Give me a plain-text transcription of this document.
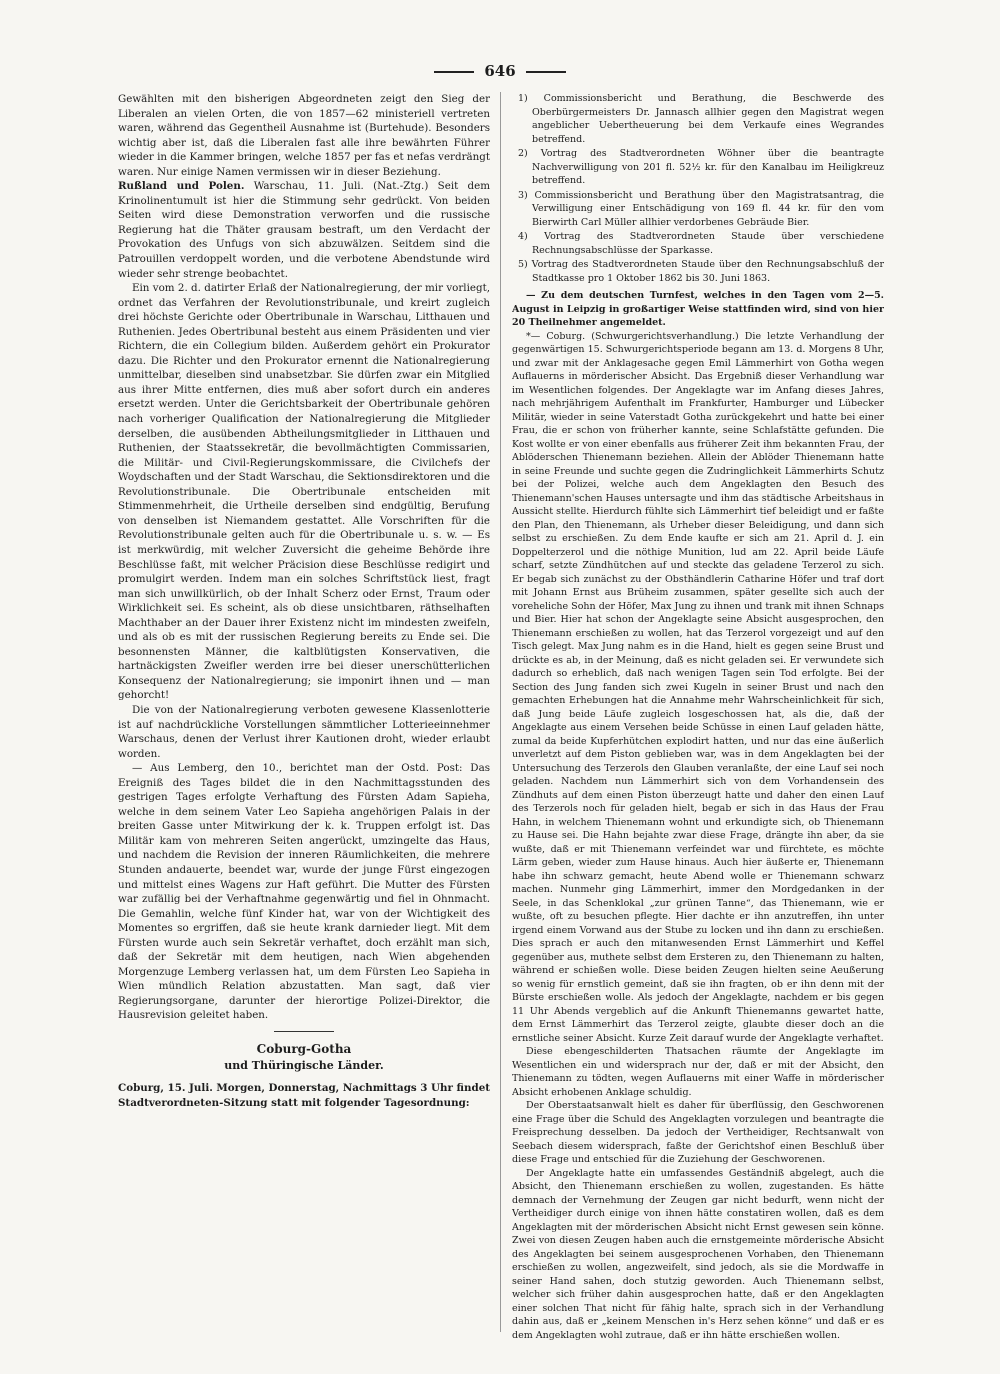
646

Gewählten mit den bisherigen Abgeordneten zeigt den Sieg der Liberalen an vielen Orten, die von 1857—62 ministeriell vertreten waren, während das Gegentheil Ausnahme ist (Burtehude). Besonders wichtig aber ist, daß die Liberalen fast alle ihre bewährten Führer wieder in die Kammer bringen, welche 1857 per fas et nefas verdrängt waren. Nur einige Namen vermissen wir in dieser Beziehung.

Rußland und Polen. Warschau, 11. Juli. (Nat.-Ztg.) Seit dem Krinolinentumult ist hier die Stimmung sehr gedrückt. Von beiden Seiten wird diese Demonstration verworfen und die russische Regierung hat die Thäter grausam bestraft, um den Verdacht der Provokation des Unfugs von sich abzuwälzen. Seitdem sind die Patrouillen verdoppelt worden, und die verbotene Abendstunde wird wieder sehr strenge beobachtet.

Ein vom 2. d. datirter Erlaß der Nationalregierung, der mir vorliegt, ordnet das Verfahren der Revolutionstribunale, und kreirt zugleich drei höchste Gerichte oder Obertribunale in Warschau, Litthauen und Ruthenien. Jedes Obertribunal besteht aus einem Präsidenten und vier Richtern, die ein Collegium bilden. Außerdem gehört ein Prokurator dazu. Die Richter und den Prokurator ernennt die Nationalregierung unmittelbar, dieselben sind unabsetzbar. Sie dürfen zwar ein Mitglied aus ihrer Mitte entfernen, dies muß aber sofort durch ein anderes ersetzt werden. Unter die Gerichtsbarkeit der Obertribunale gehören nach vorheriger Qualification der Nationalregierung die Mitglieder derselben, die ausübenden Abtheilungsmitglieder in Litthauen und Ruthenien, der Staatssekretär, die bevollmächtigten Commissarien, die Militär- und Civil-Regierungskommissare, die Civilchefs der Woydschaften und der Stadt Warschau, die Sektionsdirektoren und die Revolutionstribunale. Die Obertribunale entscheiden mit Stimmenmehrheit, die Urtheile derselben sind endgültig, Berufung von denselben ist Niemandem gestattet. Alle Vorschriften für die Revolutionstribunale gelten auch für die Obertribunale u. s. w. — Es ist merkwürdig, mit welcher Zuversicht die geheime Behörde ihre Beschlüsse faßt, mit welcher Präcision diese Beschlüsse redigirt und promulgirt werden. Indem man ein solches Schriftstück liest, fragt man sich unwillkürlich, ob der Inhalt Scherz oder Ernst, Traum oder Wirklichkeit sei. Es scheint, als ob diese unsichtbaren, räthselhaften Machthaber an der Dauer ihrer Existenz nicht im mindesten zweifeln, und als ob es mit der russischen Regierung bereits zu Ende sei. Die besonnensten Männer, die kaltblütigsten Konservativen, die hartnäckigsten Zweifler werden irre bei dieser unerschütterlichen Konsequenz der Nationalregierung; sie imponirt ihnen und — man gehorcht!

Die von der Nationalregierung verboten gewesene Klassenlotterie ist auf nachdrückliche Vorstellungen sämmtlicher Lotterieeinnehmer Warschaus, denen der Verlust ihrer Kautionen droht, wieder erlaubt worden.

— Aus Lemberg, den 10., berichtet man der Ostd. Post: Das Ereigniß des Tages bildet die in den Nachmittagsstunden des gestrigen Tages erfolgte Verhaftung des Fürsten Adam Sapieha, welche in dem seinem Vater Leo Sapieha angehörigen Palais in der breiten Gasse unter Mitwirkung der k. k. Truppen erfolgt ist. Das Militär kam von mehreren Seiten angerückt, umzingelte das Haus, und nachdem die Revision der inneren Räumlichkeiten, die mehrere Stunden andauerte, beendet war, wurde der junge Fürst eingezogen und mittelst eines Wagens zur Haft geführt. Die Mutter des Fürsten war zufällig bei der Verhaftnahme gegenwärtig und fiel in Ohnmacht. Die Gemahlin, welche fünf Kinder hat, war von der Wichtigkeit des Momentes so ergriffen, daß sie heute krank darnieder liegt. Mit dem Fürsten wurde auch sein Sekretär verhaftet, doch erzählt man sich, daß der Sekretär mit dem heutigen, nach Wien abgehenden Morgenzuge Lemberg verlassen hat, um dem Fürsten Leo Sapieha in Wien mündlich Relation abzustatten. Man sagt, daß vier Regierungsorgane, darunter der hierortige Polizei-Direktor, die Hausrevision geleitet haben.

Coburg-Gotha
und Thüringische Länder.

Coburg, 15. Juli. Morgen, Donnerstag, Nachmittags 3 Uhr findet Stadtverordneten-Sitzung statt mit folgender Tagesordnung:

1) Commissionsbericht und Berathung, die Beschwerde des Oberbürgermeisters Dr. Jannasch allhier gegen den Magistrat wegen angeblicher Uebertheuerung bei dem Verkaufe eines Wegrandes betreffend.
2) Vortrag des Stadtverordneten Wöhner über die beantragte Nachverwilligung von 201 fl. 52½ kr. für den Kanalbau im Heiligkreuz betreffend.
3) Commissionsbericht und Berathung über den Magistratsantrag, die Verwilligung einer Entschädigung von 169 fl. 44 kr. für den vom Bierwirth Carl Müller allhier verdorbenes Gebräude Bier.
4) Vortrag des Stadtverordneten Staude über verschiedene Rechnungsabschlüsse der Sparkasse.
5) Vortrag des Stadtverordneten Staude über den Rechnungsabschluß der Stadtkasse pro 1 Oktober 1862 bis 30. Juni 1863.

— Zu dem deutschen Turnfest, welches in den Tagen vom 2—5. August in Leipzig in großartiger Weise stattfinden wird, sind von hier 20 Theilnehmer angemeldet.

*— Coburg. (Schwurgerichtsverhandlung.) Die letzte Verhandlung der gegenwärtigen 15. Schwurgerichtsperiode begann am 13. d. Morgens 8 Uhr, und zwar mit der Anklagesache gegen Emil Lämmerhirt von Gotha wegen Auflauerns in mörderischer Absicht. Das Ergebniß dieser Verhandlung war im Wesentlichen folgendes. Der Angeklagte war im Anfang dieses Jahres, nach mehrjährigem Aufenthalt im Frankfurter, Hamburger und Lübecker Militär, wieder in seine Vaterstadt Gotha zurückgekehrt und hatte bei einer Frau, die er schon von früherher kannte, seine Schlafstätte gefunden. Die Kost wollte er von einer ebenfalls aus früherer Zeit ihm bekannten Frau, der Ablöderschen Thienemann beziehen. Allein der Ablöder Thienemann hatte in seine Freunde und suchte gegen die Zudringlichkeit Lämmerhirts Schutz bei der Polizei, welche auch dem Angeklagten den Besuch des Thienemann'schen Hauses untersagte und ihm das städtische Arbeitshaus in Aussicht stellte. Hierdurch fühlte sich Lämmerhirt tief beleidigt und er faßte den Plan, den Thienemann, als Urheber dieser Beleidigung, und dann sich selbst zu erschießen. Zu dem Ende kaufte er sich am 21. April d. J. ein Doppelterzerol und die nöthige Munition, lud am 22. April beide Läufe scharf, setzte Zündhütchen auf und steckte das geladene Terzerol zu sich. Er begab sich zunächst zu der Obsthändlerin Catharine Höfer und traf dort mit Johann Ernst aus Brüheim zusammen, später gesellte sich auch der voreheliche Sohn der Höfer, Max Jung zu ihnen und trank mit ihnen Schnaps und Bier. Hier hat schon der Angeklagte seine Absicht ausgesprochen, den Thienemann erschießen zu wollen, hat das Terzerol vorgezeigt und auf den Tisch gelegt. Max Jung nahm es in die Hand, hielt es gegen seine Brust und drückte es ab, in der Meinung, daß es nicht geladen sei. Er verwundete sich dadurch so erheblich, daß nach wenigen Tagen sein Tod erfolgte. Bei der Section des Jung fanden sich zwei Kugeln in seiner Brust und nach den gemachten Erhebungen hat die Annahme mehr Wahrscheinlichkeit für sich, daß Jung beide Läufe zugleich losgeschossen hat, als die, daß der Angeklagte aus einem Versehen beide Schüsse in einen Lauf geladen hätte, zumal da beide Kupferhütchen explodirt hatten, und nur das eine äußerlich unverletzt auf dem Piston geblieben war, was in dem Angeklagten bei der Untersuchung des Terzerols den Glauben veranlaßte, der eine Lauf sei noch geladen. Nachdem nun Lämmerhirt sich von dem Vorhandensein des Zündhuts auf dem einen Piston überzeugt hatte und daher den einen Lauf des Terzerols noch für geladen hielt, begab er sich in das Haus der Frau Hahn, in welchem Thienemann wohnt und erkundigte sich, ob Thienemann zu Hause sei. Die Hahn bejahte zwar diese Frage, drängte ihn aber, da sie wußte, daß er mit Thienemann verfeindet war und fürchtete, es möchte Lärm geben, wieder zum Hause hinaus. Auch hier äußerte er, Thienemann habe ihn schwarz gemacht, heute Abend wolle er Thienemann schwarz machen. Nunmehr ging Lämmerhirt, immer den Mordgedanken in der Seele, in das Schenklokal „zur grünen Tanne“, das Thienemann, wie er wußte, oft zu besuchen pflegte. Hier dachte er ihn anzutreffen, ihn unter irgend einem Vorwand aus der Stube zu locken und ihn dann zu erschießen. Dies sprach er auch den mitanwesenden Ernst Lämmerhirt und Keffel gegenüber aus, muthete selbst dem Ersteren zu, den Thienemann zu halten, während er schießen wolle. Diese beiden Zeugen hielten seine Aeußerung so wenig für ernstlich gemeint, daß sie ihn fragten, ob er ihn denn mit der Bürste erschießen wolle. Als jedoch der Angeklagte, nachdem er bis gegen 11 Uhr Abends vergeblich auf die Ankunft Thienemanns gewartet hatte, dem Ernst Lämmerhirt das Terzerol zeigte, glaubte dieser doch an die ernstliche seiner Absicht. Kurze Zeit darauf wurde der Angeklagte verhaftet.

Diese ebengeschilderten Thatsachen räumte der Angeklagte im Wesentlichen ein und widersprach nur der, daß er mit der Absicht, den Thienemann zu tödten, wegen Auflauerns mit einer Waffe in mörderischer Absicht erhobenen Anklage schuldig.

Der Oberstaatsanwalt hielt es daher für überflüssig, den Geschworenen eine Frage über die Schuld des Angeklagten vorzulegen und beantragte die Freisprechung desselben. Da jedoch der Vertheidiger, Rechtsanwalt von Seebach diesem widersprach, faßte der Gerichtshof einen Beschluß über diese Frage und entschied für die Zuziehung der Geschworenen.

Der Angeklagte hatte ein umfassendes Geständniß abgelegt, auch die Absicht, den Thienemann erschießen zu wollen, zugestanden. Es hätte demnach der Vernehmung der Zeugen gar nicht bedurft, wenn nicht der Vertheidiger durch einige von ihnen hätte constatiren wollen, daß es dem Angeklagten mit der mörderischen Absicht nicht Ernst gewesen sein könne. Zwei von diesen Zeugen haben auch die ernstgemeinte mörderische Absicht des Angeklagten bei seinem ausgesprochenen Vorhaben, den Thienemann erschießen zu wollen, angezweifelt, sind jedoch, als sie die Mordwaffe in seiner Hand sahen, doch stutzig geworden. Auch Thienemann selbst, welcher sich früher dahin ausgesprochen hatte, daß er den Angeklagten einer solchen That nicht für fähig halte, sprach sich in der Verhandlung dahin aus, daß er „keinem Menschen in's Herz sehen könne“ und daß er es dem Angeklagten wohl zutraue, daß er ihn hätte erschießen wollen.
